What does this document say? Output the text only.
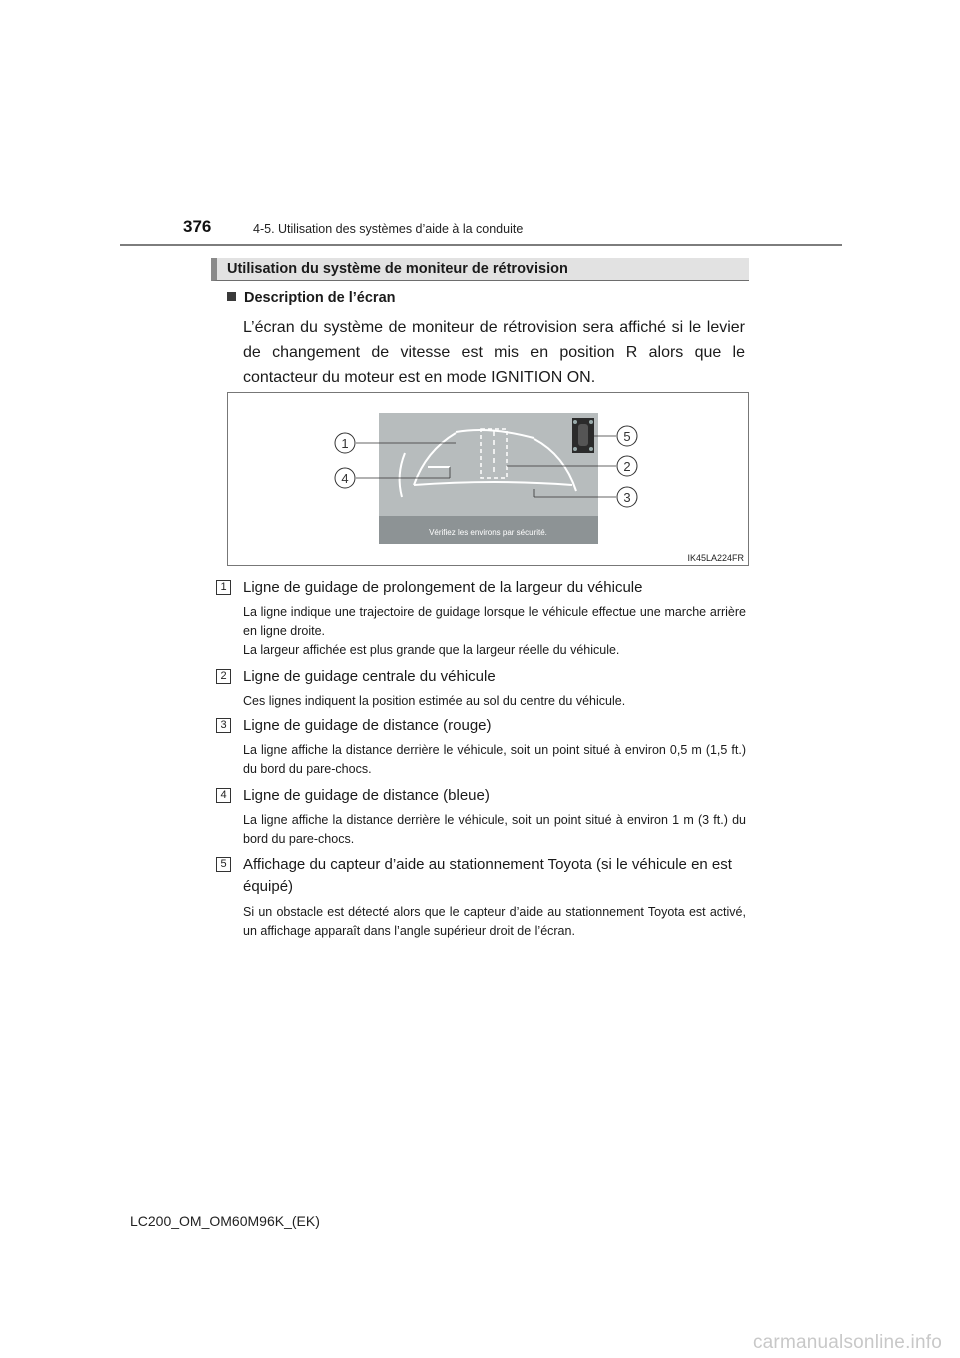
376	4-5. Utilisation des systèmes d’aide à la conduite
Utilisation du système de moniteur de rétrovision
Description de l’écran
L’écran du système de moniteur de rétrovision sera affiché si le levier de changement de vitesse est mis en position R alors que le contacteur du moteur est en mode IGNITION ON.
Vérifiez les environs par sécurité.
1
4
5
2
3
IK45LA224FR
1 Ligne de guidage de prolongement de la largeur du véhicule
La ligne indique une trajectoire de guidage lorsque le véhicule effectue une marche arrière en ligne droite.
La largeur affichée est plus grande que la largeur réelle du véhicule.
2 Ligne de guidage centrale du véhicule
Ces lignes indiquent la position estimée au sol du centre du véhicule.
3 Ligne de guidage de distance (rouge)
La ligne affiche la distance derrière le véhicule, soit un point situé à environ 0,5 m (1,5 ft.) du bord du pare-chocs.
4 Ligne de guidage de distance (bleue)
La ligne affiche la distance derrière le véhicule, soit un point situé à environ 1 m (3 ft.) du bord du pare-chocs.
5 Affichage du capteur d’aide au stationnement Toyota (si le véhicule en est équipé)
Si un obstacle est détecté alors que le capteur d’aide au stationnement Toyota est activé, un affichage apparaît dans l’angle supérieur droit de l’écran.
LC200_OM_OM60M96K_(EK)
carmanualsonline.info
